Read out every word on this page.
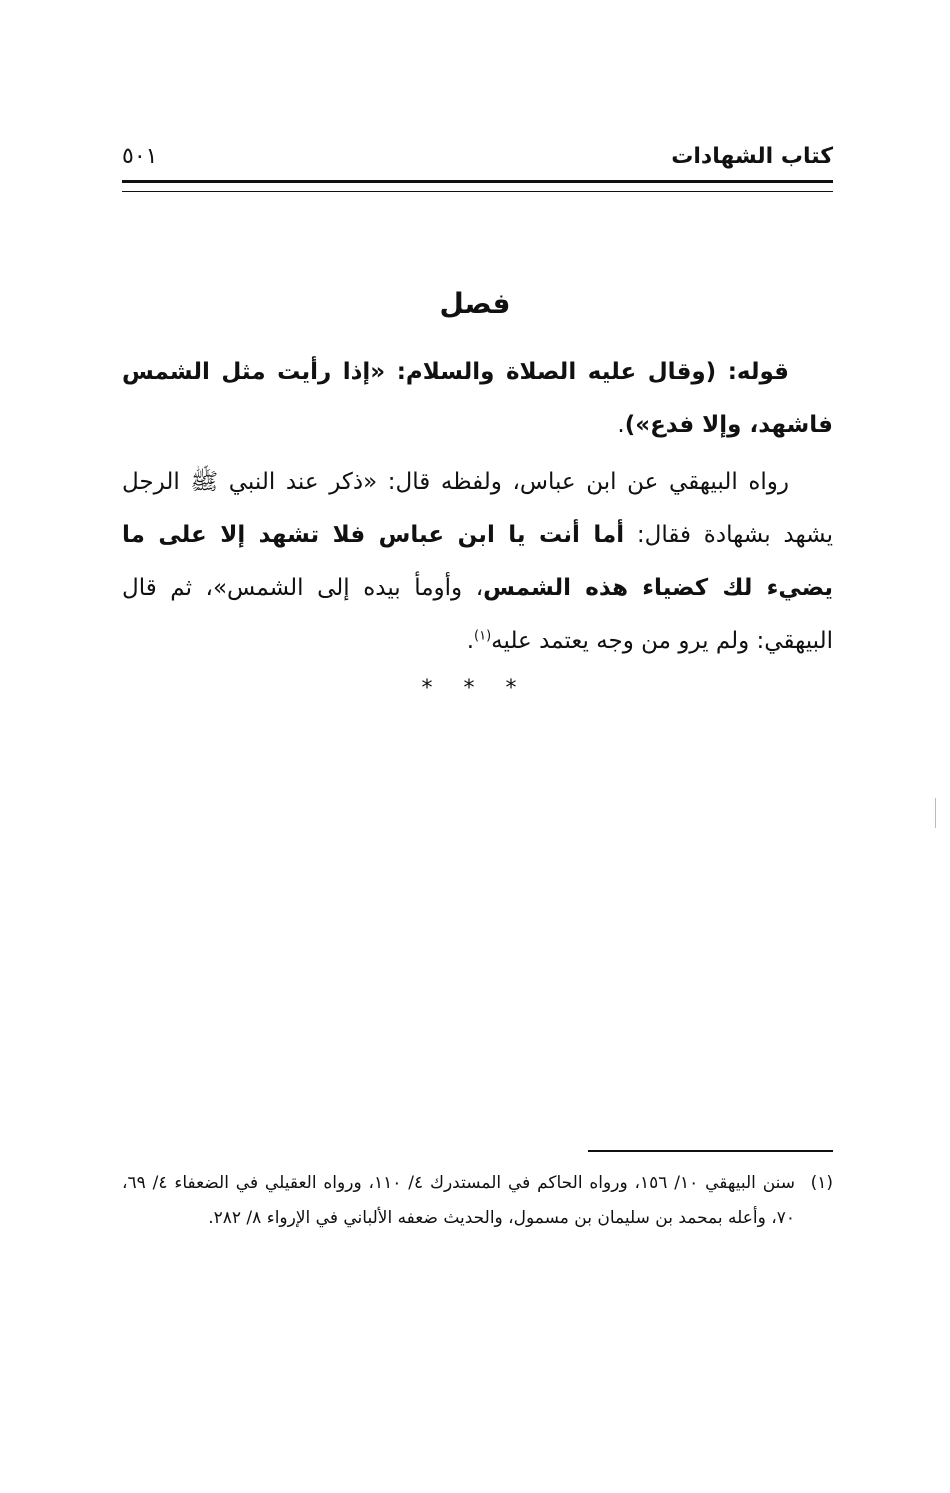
كتاب الشهادات
٥٠١
فصل
قوله: (وقال عليه الصلاة والسلام: «إذا رأيت مثل الشمس فاشهد، وإلا فدع»).
رواه البيهقي عن ابن عباس، ولفظه قال: «ذكر عند النبي ﷺ الرجل يشهد بشهادة فقال: أما أنت يا ابن عباس فلا تشهد إلا على ما يضيء لك كضياء هذه الشمس، وأومأ بيده إلى الشمس»، ثم قال البيهقي: ولم يرو من وجه يعتمد عليه$^{(١)}$.
* * *
(١)
سنن البيهقي ١٠/ ١٥٦، ورواه الحاكم في المستدرك ٤/ ١١٠، ورواه العقيلي في الضعفاء ٤/ ٦٩، ٧٠، وأعله بمحمد بن سليمان بن مسمول، والحديث ضعفه الألباني في الإرواء ٨/ ٢٨٢.
